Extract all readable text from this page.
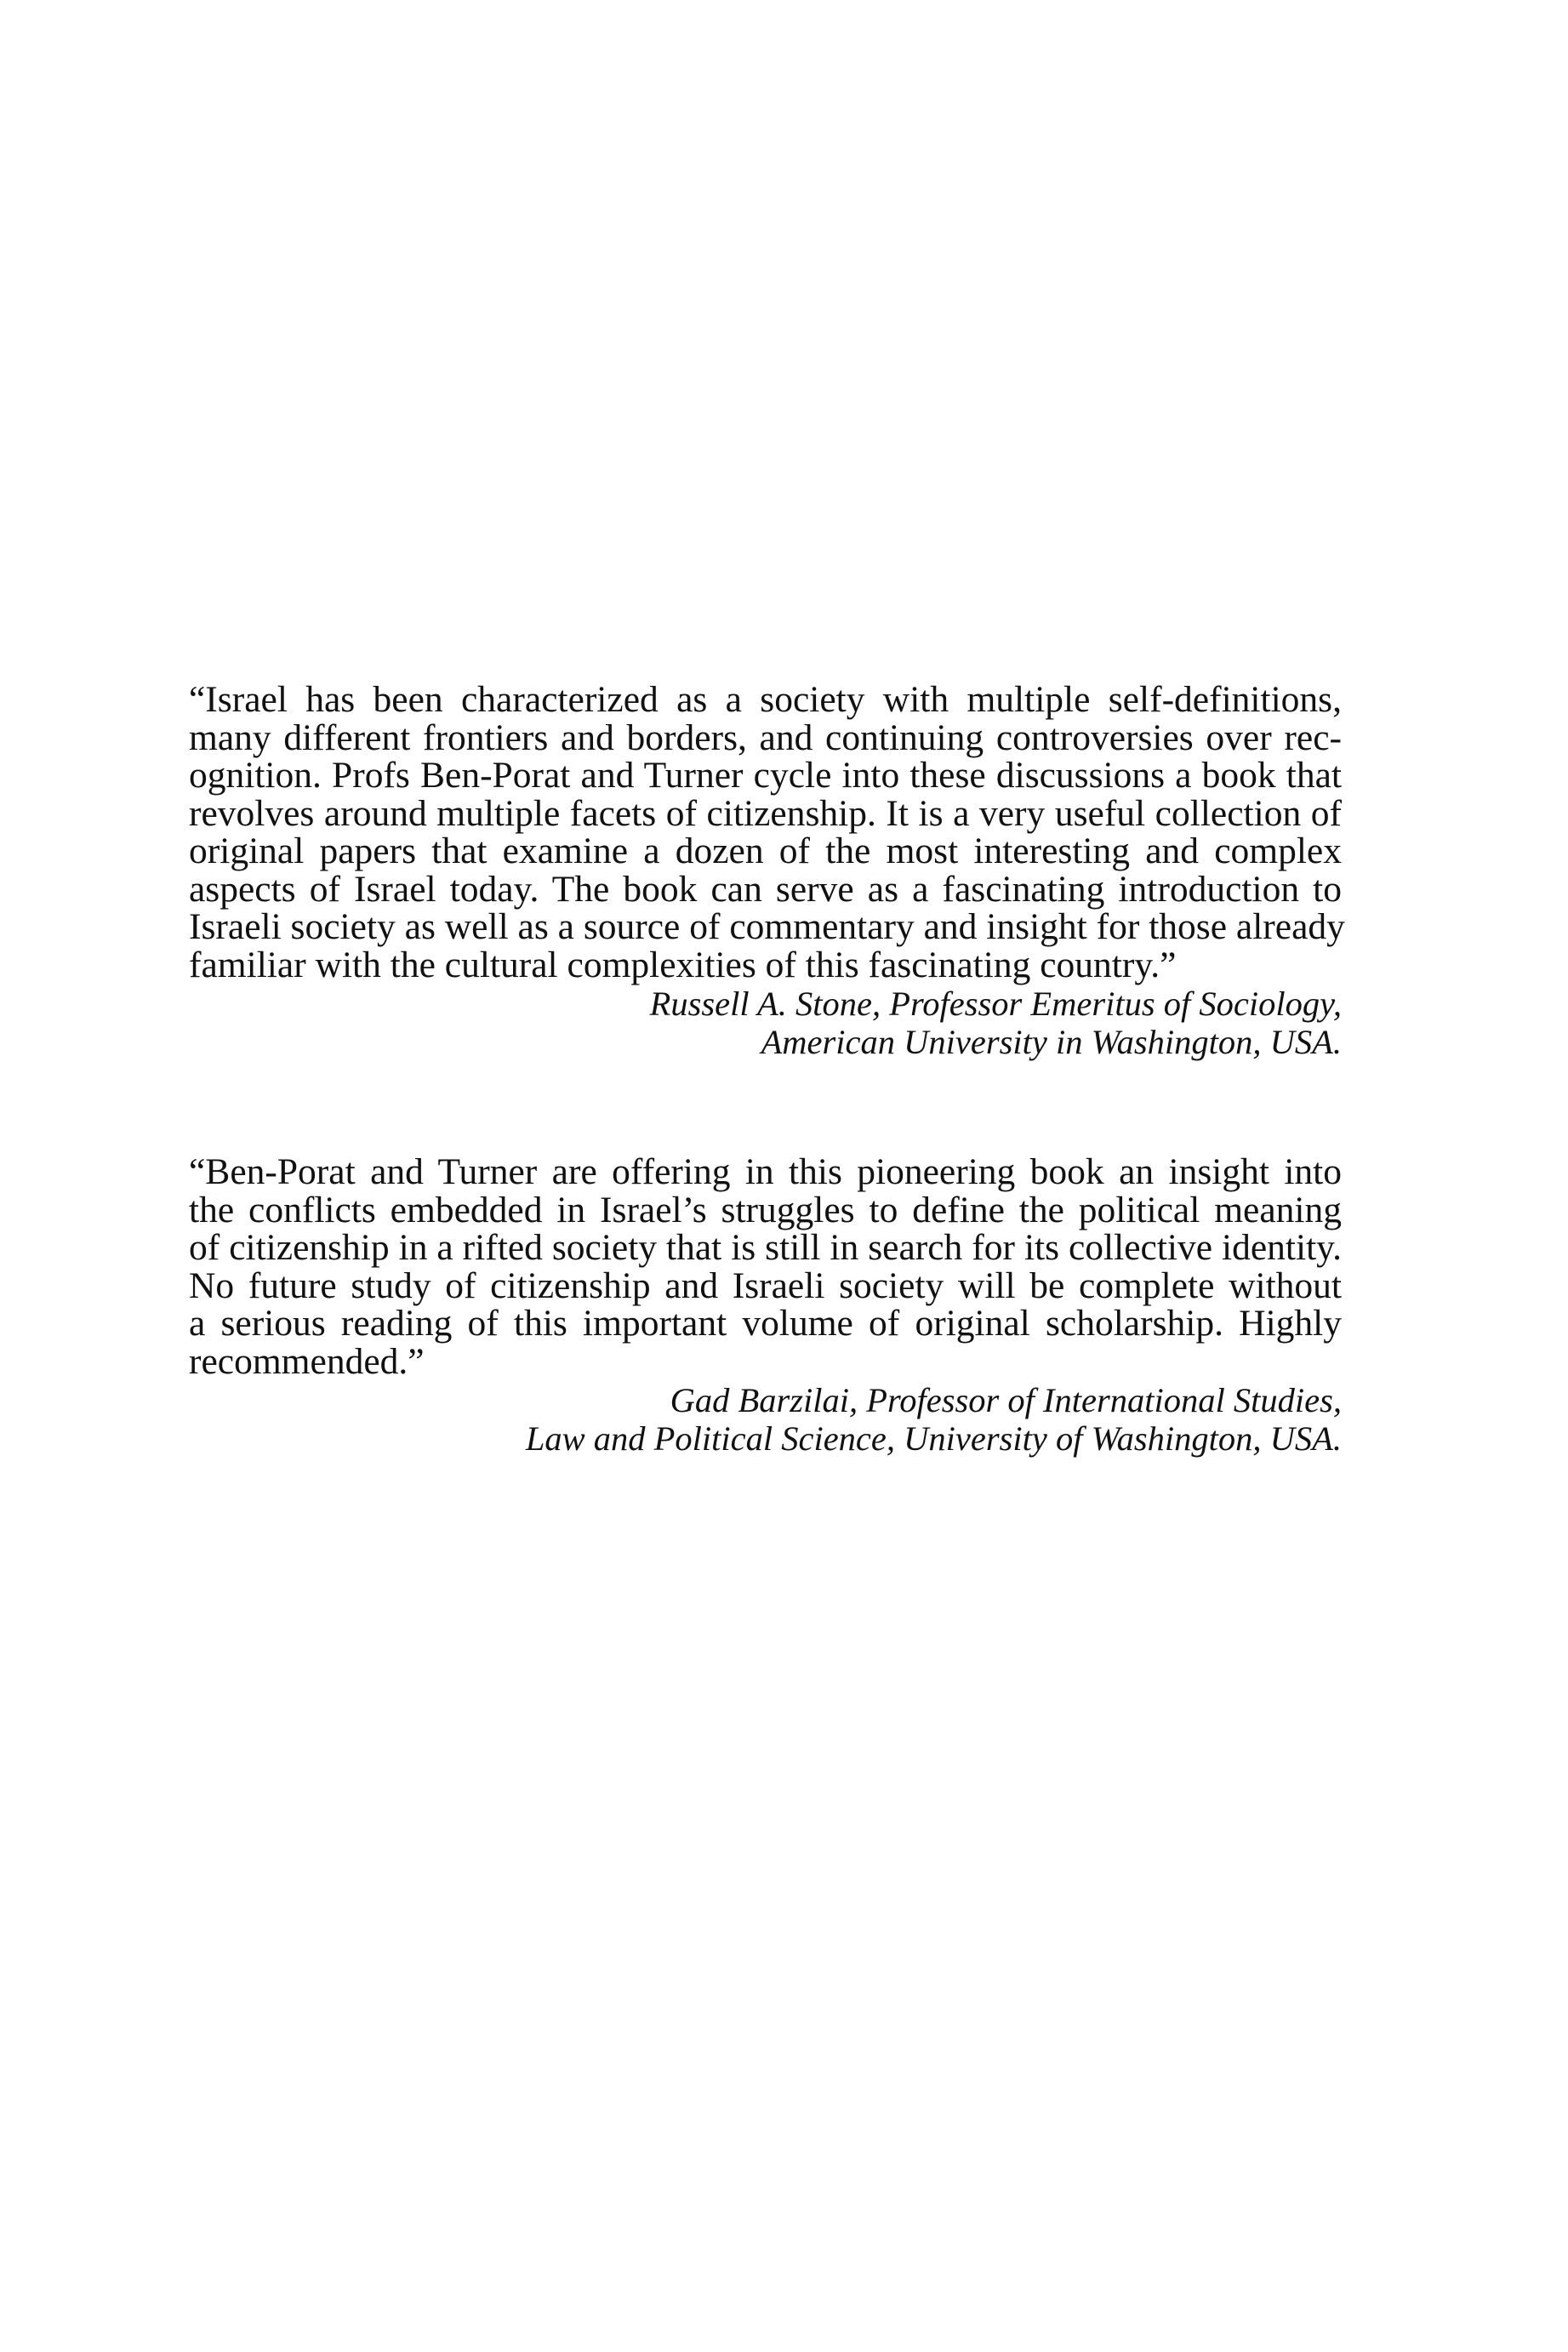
“Israel has been characterized as a society with multiple self-definitions,
many different frontiers and borders, and continuing controversies over rec-
ognition. Profs Ben-Porat and Turner cycle into these discussions a book that
revolves around multiple facets of citizenship. It is a very useful collection of
original papers that examine a dozen of the most interesting and complex
aspects of Israel today. The book can serve as a fascinating introduction to
Israeli society as well as a source of commentary and insight for those already
familiar with the cultural complexities of this fascinating country.”
Russell A. Stone, Professor Emeritus of Sociology,
American University in Washington, USA.
“Ben-Porat and Turner are offering in this pioneering book an insight into
the conflicts embedded in Israel’s struggles to define the political meaning
of citizenship in a rifted society that is still in search for its collective identity.
No future study of citizenship and Israeli society will be complete without
a serious reading of this important volume of original scholarship. Highly
recommended.”
Gad Barzilai, Professor of International Studies,
Law and Political Science, University of Washington, USA.
